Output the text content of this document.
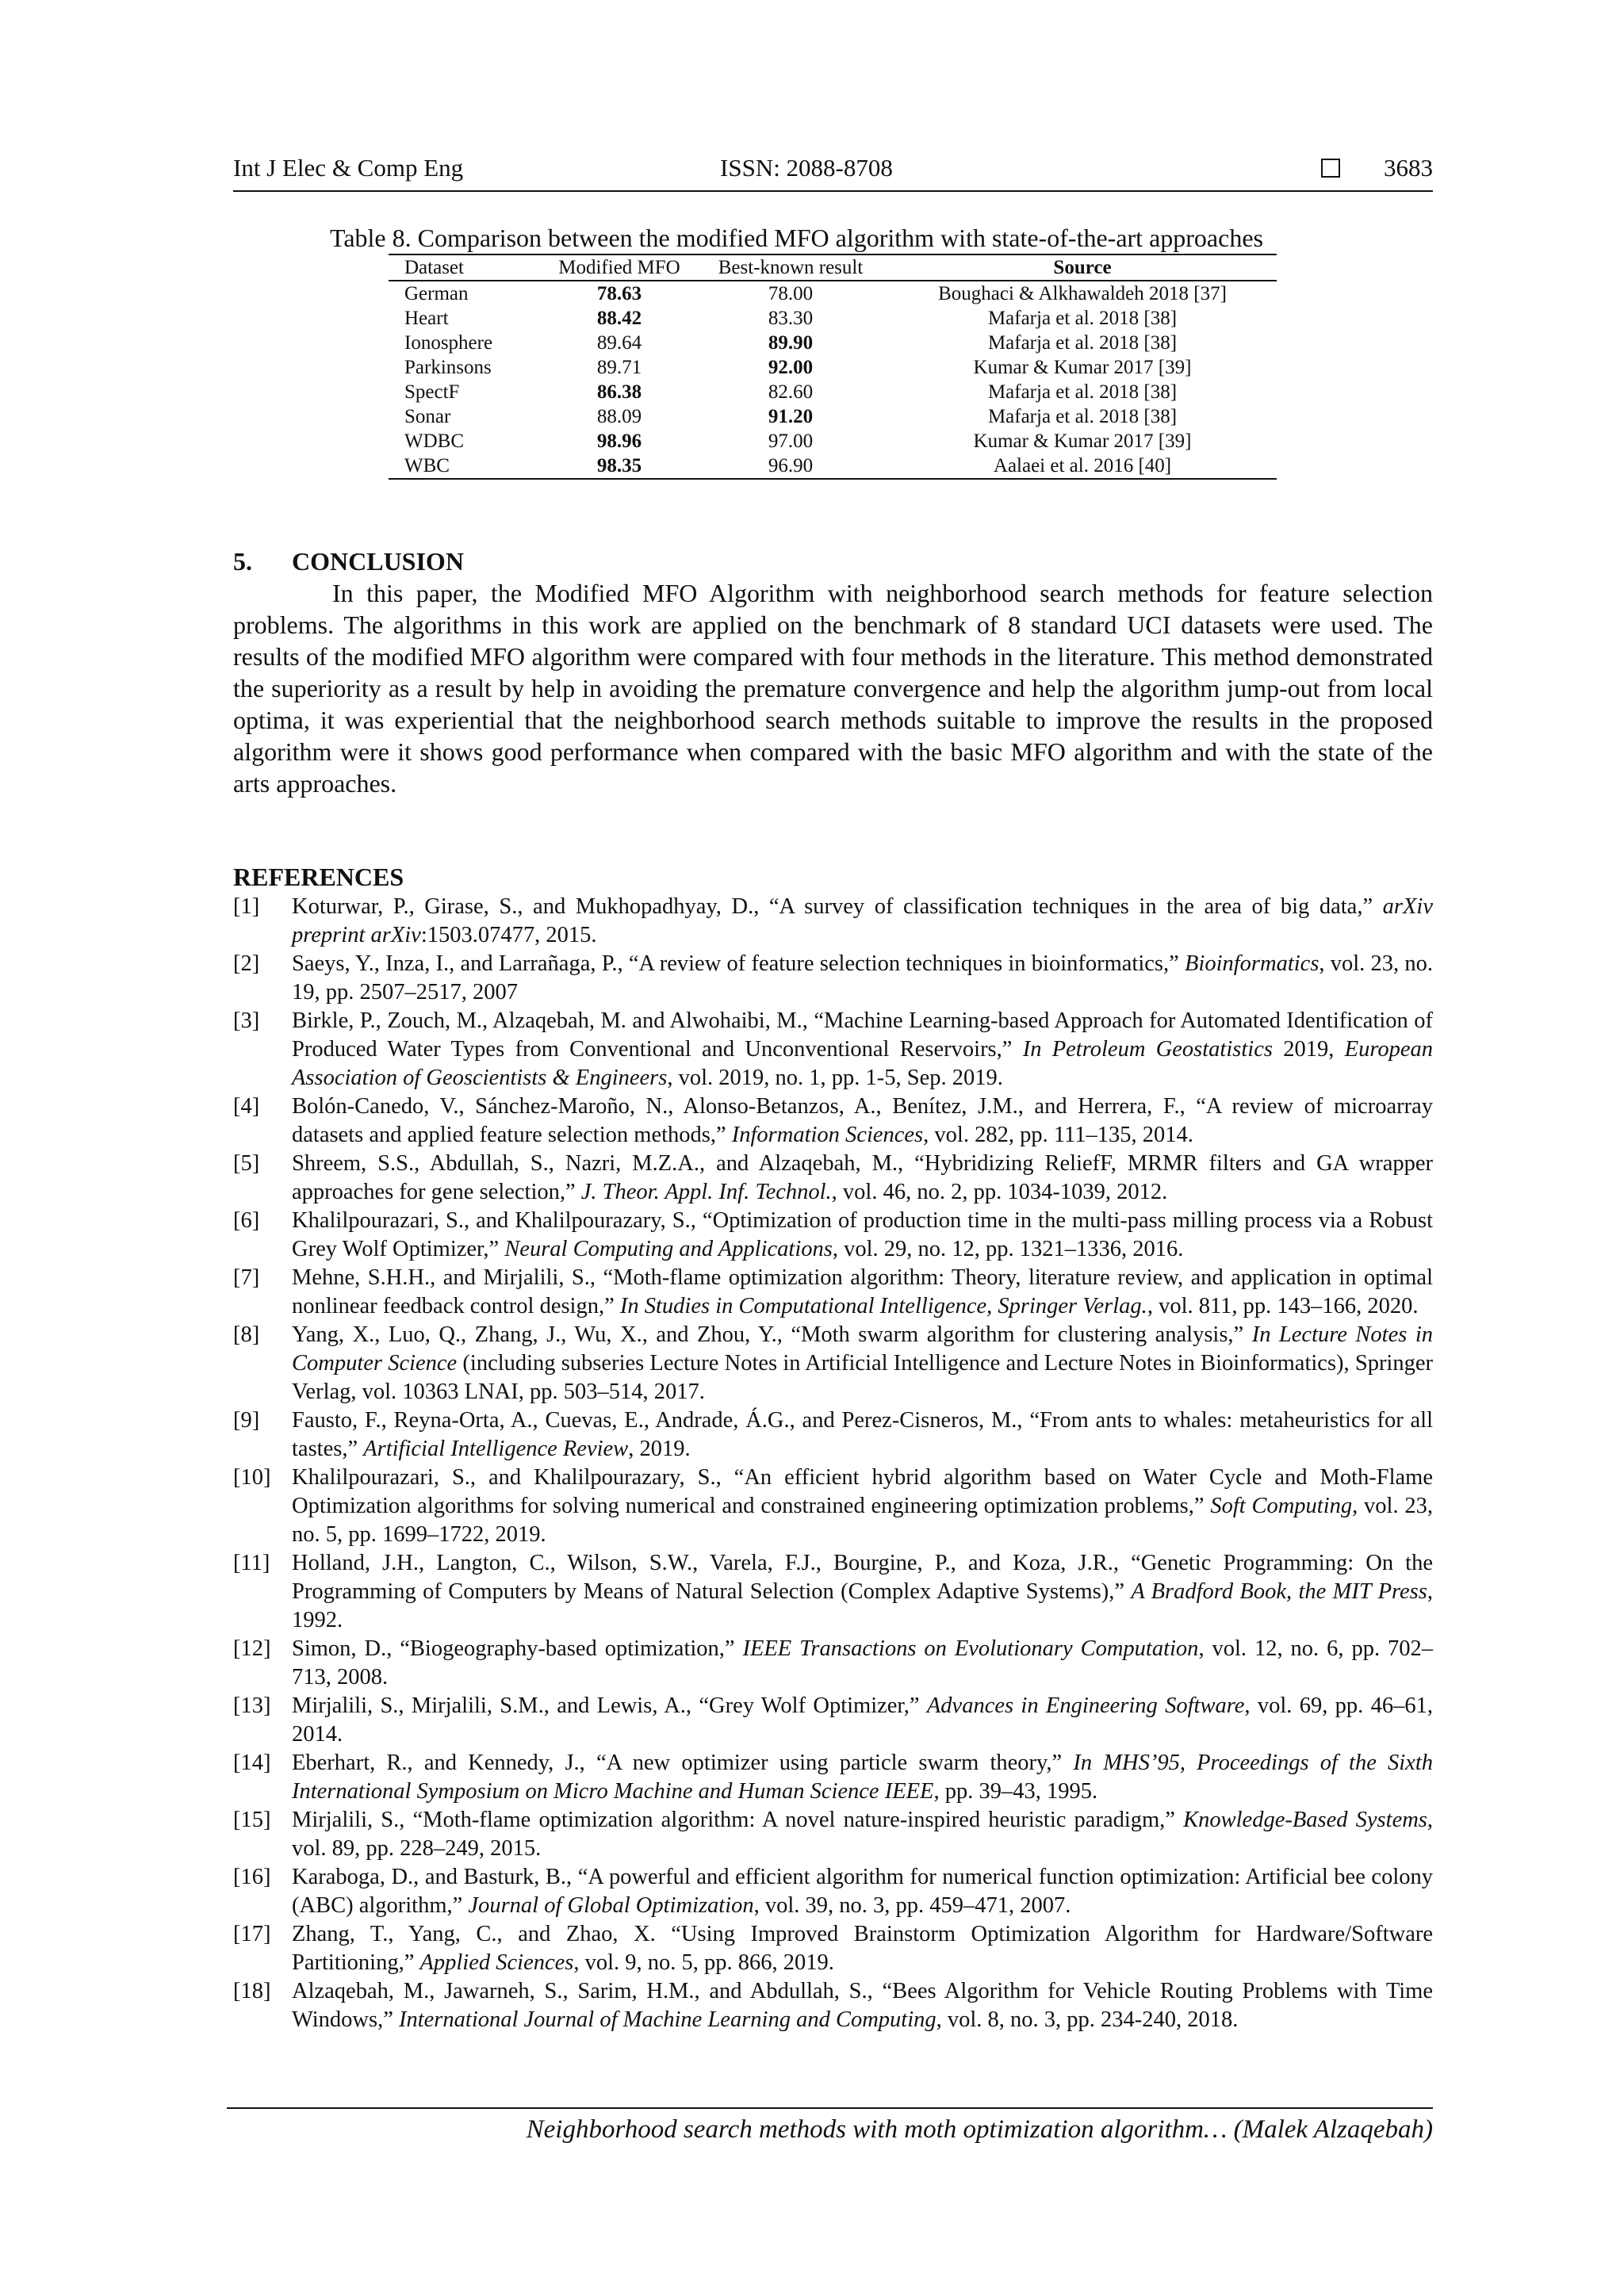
Int J Elec & Comp Eng	ISSN: 2088-8708	3683
Table 8. Comparison between the modified MFO algorithm with state-of-the-art approaches
Dataset	Modified MFO	Best-known result	Source
German	78.63	78.00	Boughaci & Alkhawaldeh 2018 [37]
Heart	88.42	83.30	Mafarja et al. 2018 [38]
Ionosphere	89.64	89.90	Mafarja et al. 2018 [38]
Parkinsons	89.71	92.00	Kumar & Kumar 2017 [39]
SpectF	86.38	82.60	Mafarja et al. 2018 [38]
Sonar	88.09	91.20	Mafarja et al. 2018 [38]
WDBC	98.96	97.00	Kumar & Kumar 2017 [39]
WBC	98.35	96.90	Aalaei et al. 2016 [40]
5. CONCLUSION

In this paper, the Modified MFO Algorithm with neighborhood search methods for feature selection problems. The algorithms in this work are applied on the benchmark of 8 standard UCI datasets were used. The results of the modified MFO algorithm were compared with four methods in the literature. This method demonstrated the superiority as a result by help in avoiding the premature convergence and help the algorithm jump-out from local optima, it was experiential that the neighborhood search methods suitable to improve the results in the proposed algorithm were it shows good performance when compared with the basic MFO algorithm and with the state of the arts approaches.

REFERENCES
[1] Koturwar, P., Girase, S., and Mukhopadhyay, D., “A survey of classification techniques in the area of big data,” arXiv preprint arXiv:1503.07477, 2015.
[2] Saeys, Y., Inza, I., and Larrañaga, P., “A review of feature selection techniques in bioinformatics,” Bioinformatics, vol. 23, no. 19, pp. 2507–2517, 2007
[3] Birkle, P., Zouch, M., Alzaqebah, M. and Alwohaibi, M., “Machine Learning-based Approach for Automated Identification of Produced Water Types from Conventional and Unconventional Reservoirs,” In Petroleum Geostatistics 2019, European Association of Geoscientists & Engineers, vol. 2019, no. 1, pp. 1-5, Sep. 2019.
[4] Bolón-Canedo, V., Sánchez-Maroño, N., Alonso-Betanzos, A., Benítez, J.M., and Herrera, F., “A review of microarray datasets and applied feature selection methods,” Information Sciences, vol. 282, pp. 111–135, 2014.
[5] Shreem, S.S., Abdullah, S., Nazri, M.Z.A., and Alzaqebah, M., “Hybridizing ReliefF, MRMR filters and GA wrapper approaches for gene selection,” J. Theor. Appl. Inf. Technol., vol. 46, no. 2, pp. 1034-1039, 2012.
[6] Khalilpourazari, S., and Khalilpourazary, S., “Optimization of production time in the multi-pass milling process via a Robust Grey Wolf Optimizer,” Neural Computing and Applications, vol. 29, no. 12, pp. 1321–1336, 2016.
[7] Mehne, S.H.H., and Mirjalili, S., “Moth-flame optimization algorithm: Theory, literature review, and application in optimal nonlinear feedback control design,” In Studies in Computational Intelligence, Springer Verlag., vol. 811, pp. 143–166, 2020.
[8] Yang, X., Luo, Q., Zhang, J., Wu, X., and Zhou, Y., “Moth swarm algorithm for clustering analysis,” In Lecture Notes in Computer Science (including subseries Lecture Notes in Artificial Intelligence and Lecture Notes in Bioinformatics), Springer Verlag, vol. 10363 LNAI, pp. 503–514, 2017.
[9] Fausto, F., Reyna-Orta, A., Cuevas, E., Andrade, Á.G., and Perez-Cisneros, M., “From ants to whales: metaheuristics for all tastes,” Artificial Intelligence Review, 2019.
[10] Khalilpourazari, S., and Khalilpourazary, S., “An efficient hybrid algorithm based on Water Cycle and Moth-Flame Optimization algorithms for solving numerical and constrained engineering optimization problems,” Soft Computing, vol. 23, no. 5, pp. 1699–1722, 2019.
[11] Holland, J.H., Langton, C., Wilson, S.W., Varela, F.J., Bourgine, P., and Koza, J.R., “Genetic Programming: On the Programming of Computers by Means of Natural Selection (Complex Adaptive Systems),” A Bradford Book, the MIT Press, 1992.
[12] Simon, D., “Biogeography-based optimization,” IEEE Transactions on Evolutionary Computation, vol. 12, no. 6, pp. 702–713, 2008.
[13] Mirjalili, S., Mirjalili, S.M., and Lewis, A., “Grey Wolf Optimizer,” Advances in Engineering Software, vol. 69, pp. 46–61, 2014.
[14] Eberhart, R., and Kennedy, J., “A new optimizer using particle swarm theory,” In MHS’95, Proceedings of the Sixth International Symposium on Micro Machine and Human Science IEEE, pp. 39–43, 1995.
[15] Mirjalili, S., “Moth-flame optimization algorithm: A novel nature-inspired heuristic paradigm,” Knowledge-Based Systems, vol. 89, pp. 228–249, 2015.
[16] Karaboga, D., and Basturk, B., “A powerful and efficient algorithm for numerical function optimization: Artificial bee colony (ABC) algorithm,” Journal of Global Optimization, vol. 39, no. 3, pp. 459–471, 2007.
[17] Zhang, T., Yang, C., and Zhao, X. “Using Improved Brainstorm Optimization Algorithm for Hardware/Software Partitioning,” Applied Sciences, vol. 9, no. 5, pp. 866, 2019.
[18] Alzaqebah, M., Jawarneh, S., Sarim, H.M., and Abdullah, S., “Bees Algorithm for Vehicle Routing Problems with Time Windows,” International Journal of Machine Learning and Computing, vol. 8, no. 3, pp. 234-240, 2018.
Neighborhood search methods with moth optimization algorithm… (Malek Alzaqebah)
